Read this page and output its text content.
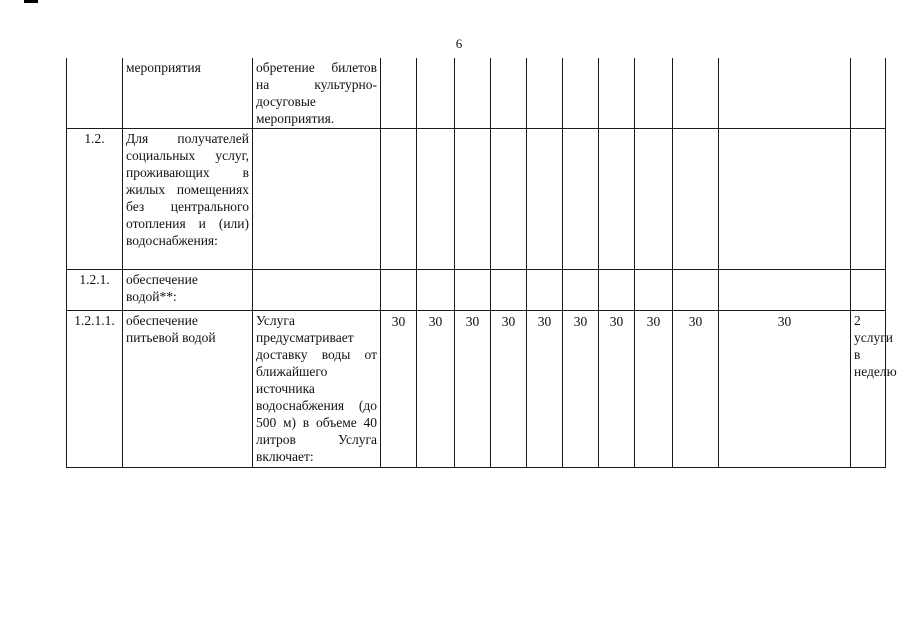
6
	мероприятия	обретение билетов на культурно-досуговые мероприятия.											
1.2.	Для получателей социальных услуг, проживающих в жилых помещениях без центрального отопления и (или) водоснабжения:												
1.2.1.	обеспечение водой**:												
1.2.1.1.	обеспечение питьевой водой	Услуга предусматривает доставку воды от ближайшего источника водоснабжения (до 500 м) в объеме 40 литров Услуга включает:	30	30	30	30	30	30	30	30	30	30	2 услуги в неделю
